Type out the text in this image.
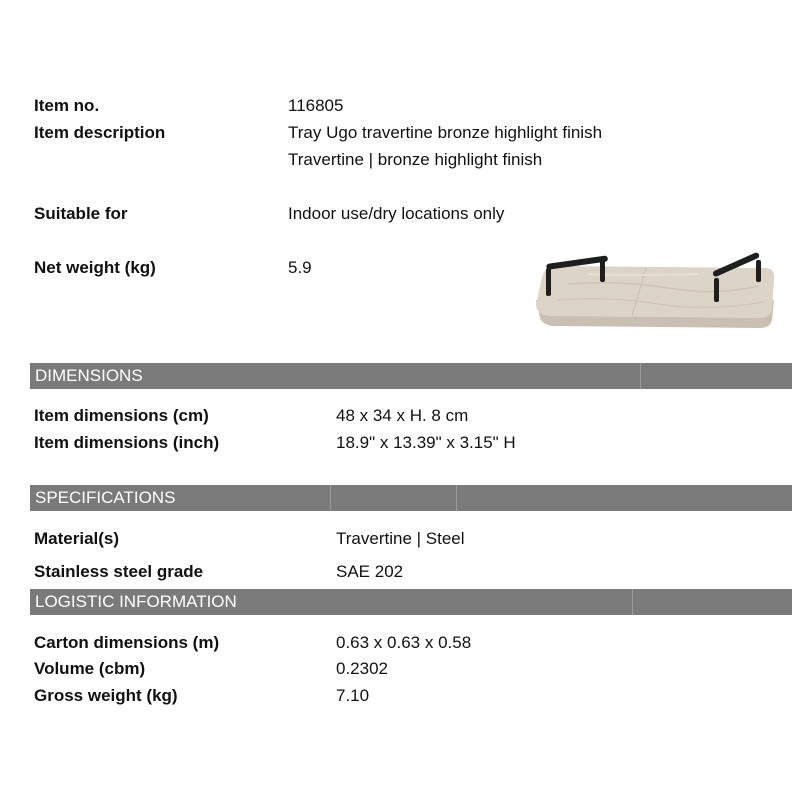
Item no.	116805
Item description	Tray Ugo travertine bronze highlight finish
Travertine | bronze highlight finish
Suitable for	Indoor use/dry locations only
Net weight (kg)	5.9
DIMENSIONS
Item dimensions (cm)	48 x 34 x H. 8 cm
Item dimensions (inch)	18.9" x 13.39" x 3.15" H
SPECIFICATIONS
Material(s)	Travertine | Steel
Stainless steel grade	SAE 202
LOGISTIC INFORMATION
Carton dimensions (m)	0.63 x 0.63 x 0.58
Volume (cbm)	0.2302
Gross weight (kg)	7.10
